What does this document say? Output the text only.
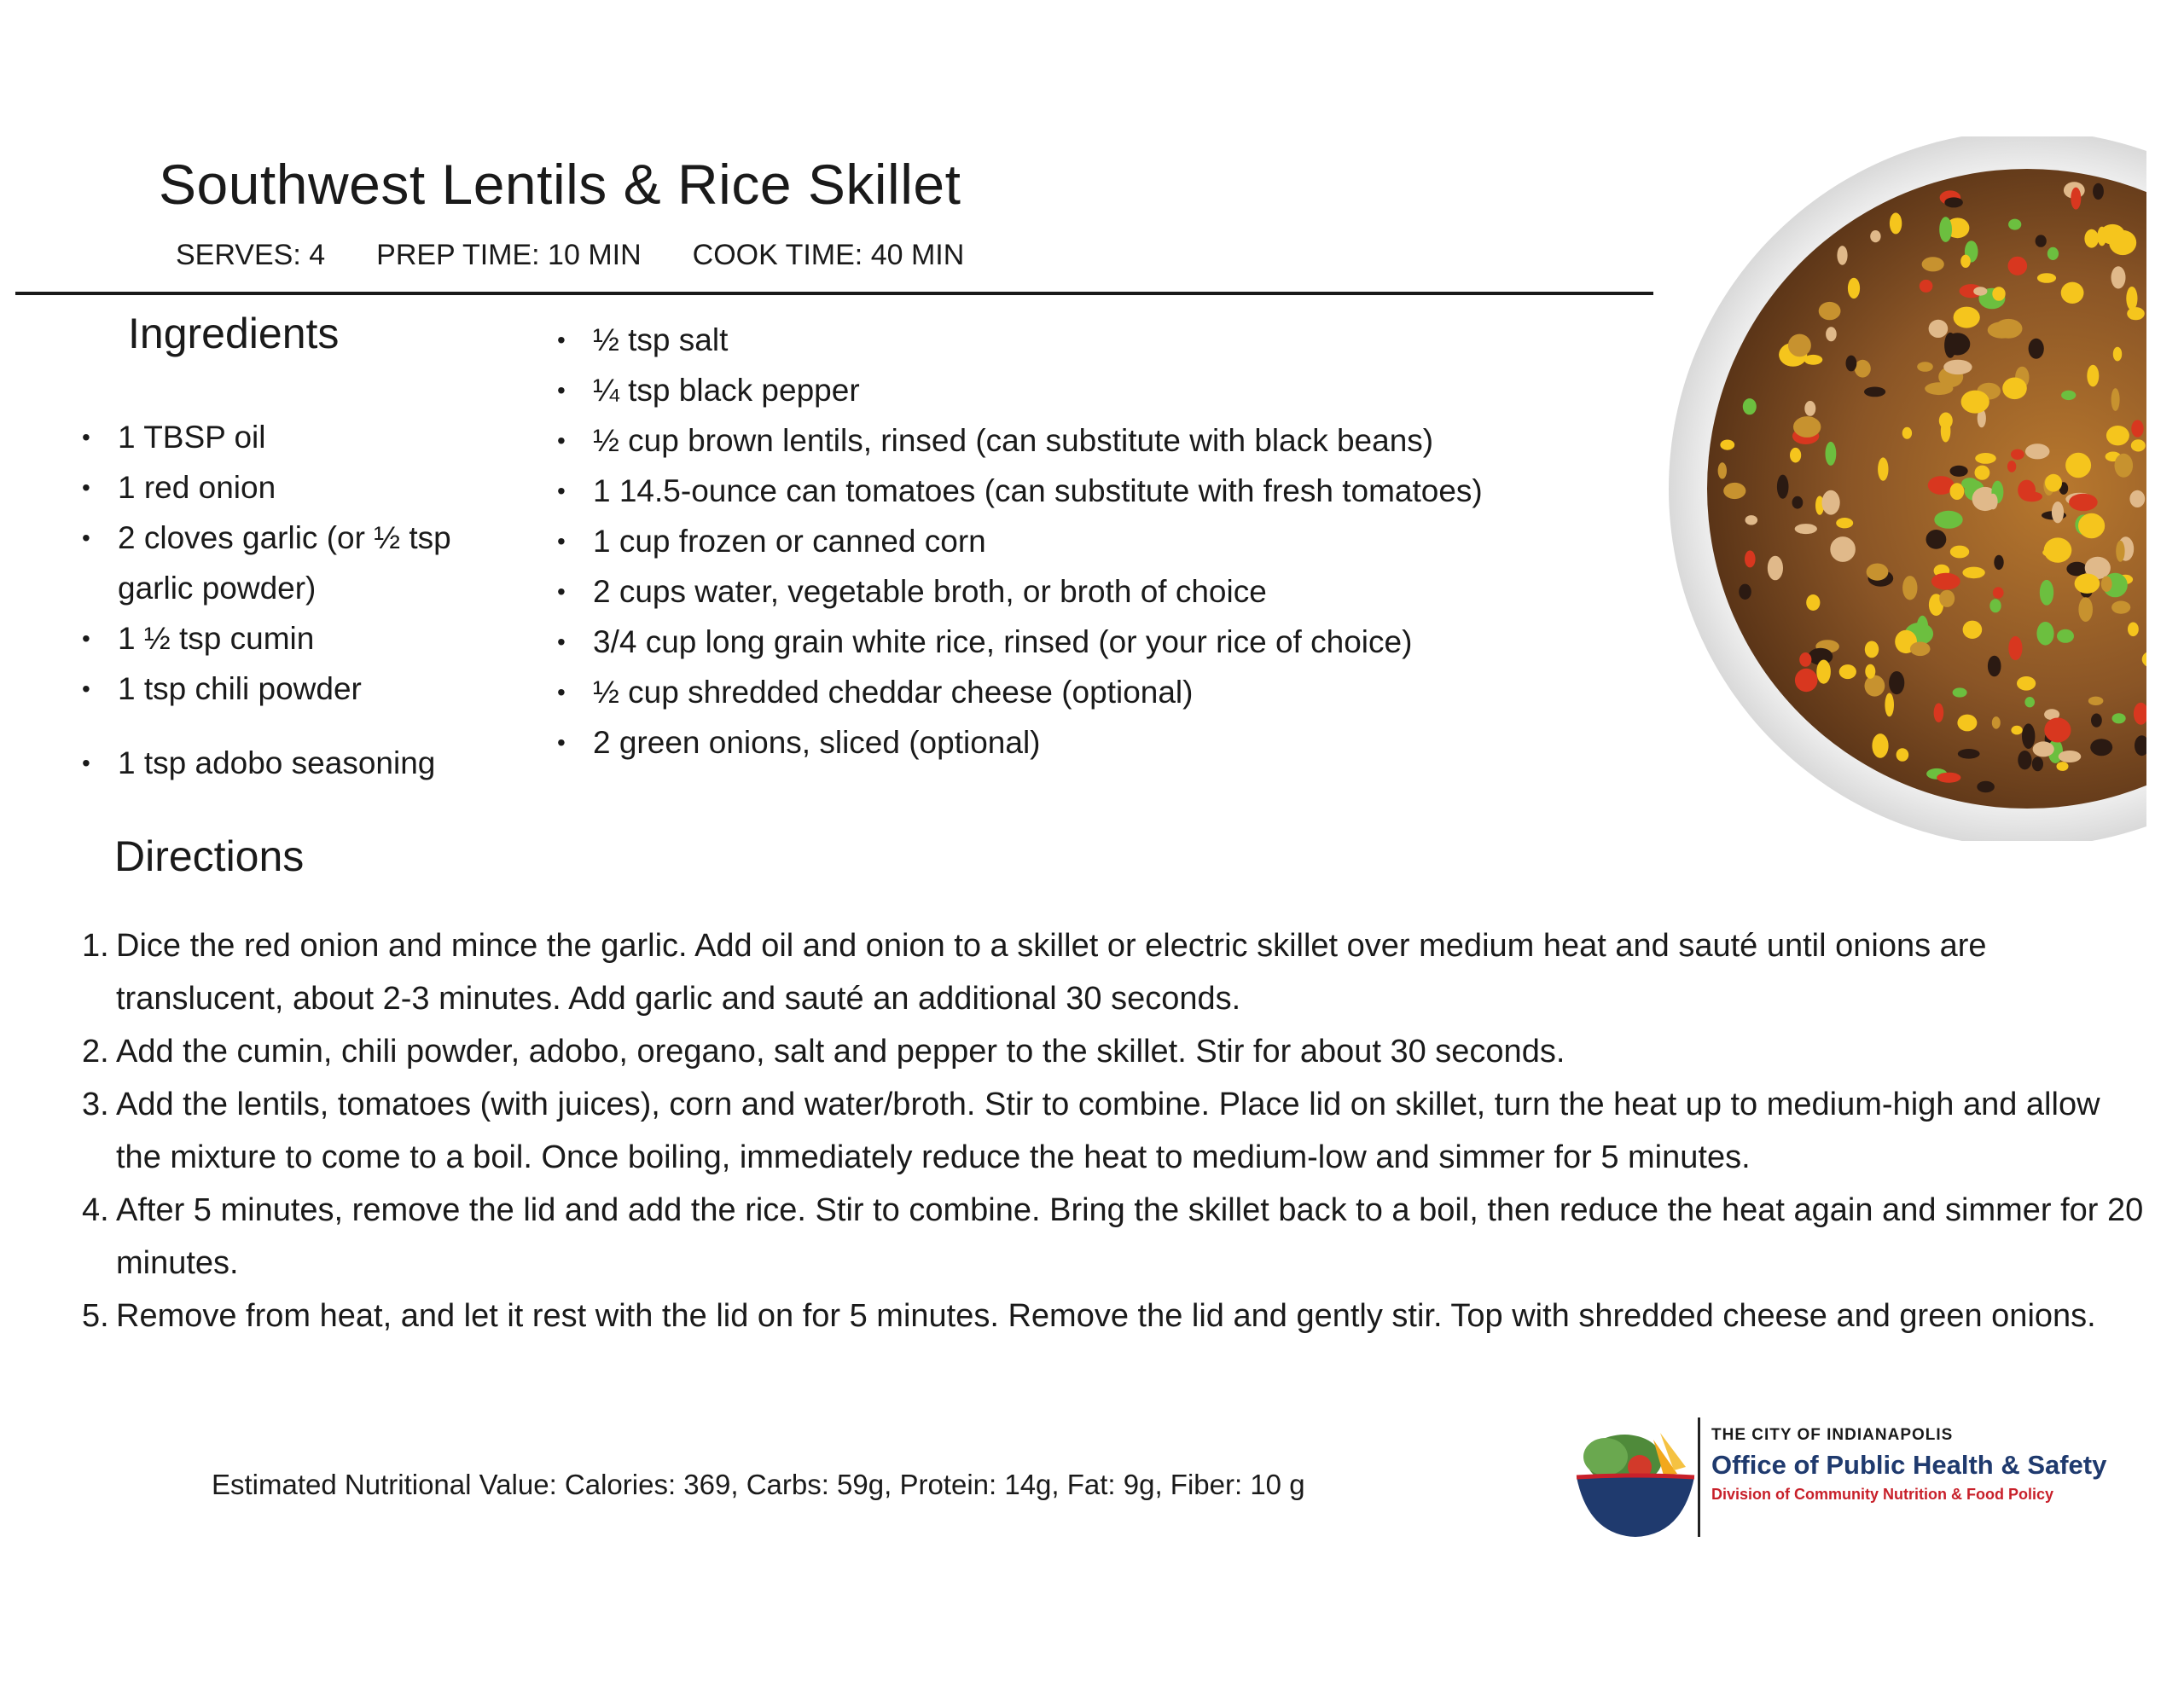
Southwest Lentils & Rice Skillet
SERVES: 4 PREP TIME: 10 MIN COOK TIME: 40 MIN
Ingredients
• 1 TBSP oil
• 1 red onion
• 2 cloves garlic (or ½ tsp garlic powder)
• 1 ½ tsp cumin
• 1 tsp chili powder
• 1 tsp adobo seasoning
• ½ tsp salt
• ¼ tsp black pepper
• ½ cup brown lentils, rinsed (can substitute with black beans)
• 1 14.5-ounce can tomatoes (can substitute with fresh tomatoes)
• 1 cup frozen or canned corn
• 2 cups water, vegetable broth, or broth of choice
• 3/4 cup long grain white rice, rinsed (or your rice of choice)
• ½ cup shredded cheddar cheese (optional)
• 2 green onions, sliced (optional)
Directions
1. Dice the red onion and mince the garlic. Add oil and onion to a skillet or electric skillet over medium heat and sauté until onions are translucent, about 2-3 minutes. Add garlic and sauté an additional 30 seconds.
2. Add the cumin, chili powder, adobo, oregano, salt and pepper to the skillet. Stir for about 30 seconds.
3. Add the lentils, tomatoes (with juices), corn and water/broth. Stir to combine. Place lid on skillet, turn the heat up to medium-high and allow the mixture to come to a boil. Once boiling, immediately reduce the heat to medium-low and simmer for 5 minutes.
4. After 5 minutes, remove the lid and add the rice. Stir to combine. Bring the skillet back to a boil, then reduce the heat again and simmer for 20 minutes.
5. Remove from heat, and let it rest with the lid on for 5 minutes. Remove the lid and gently stir. Top with shredded cheese and green onions.
Estimated Nutritional Value: Calories: 369, Carbs: 59g, Protein: 14g, Fat: 9g, Fiber: 10 g
THE CITY OF INDIANAPOLIS
Office of Public Health & Safety
Division of Community Nutrition & Food Policy
